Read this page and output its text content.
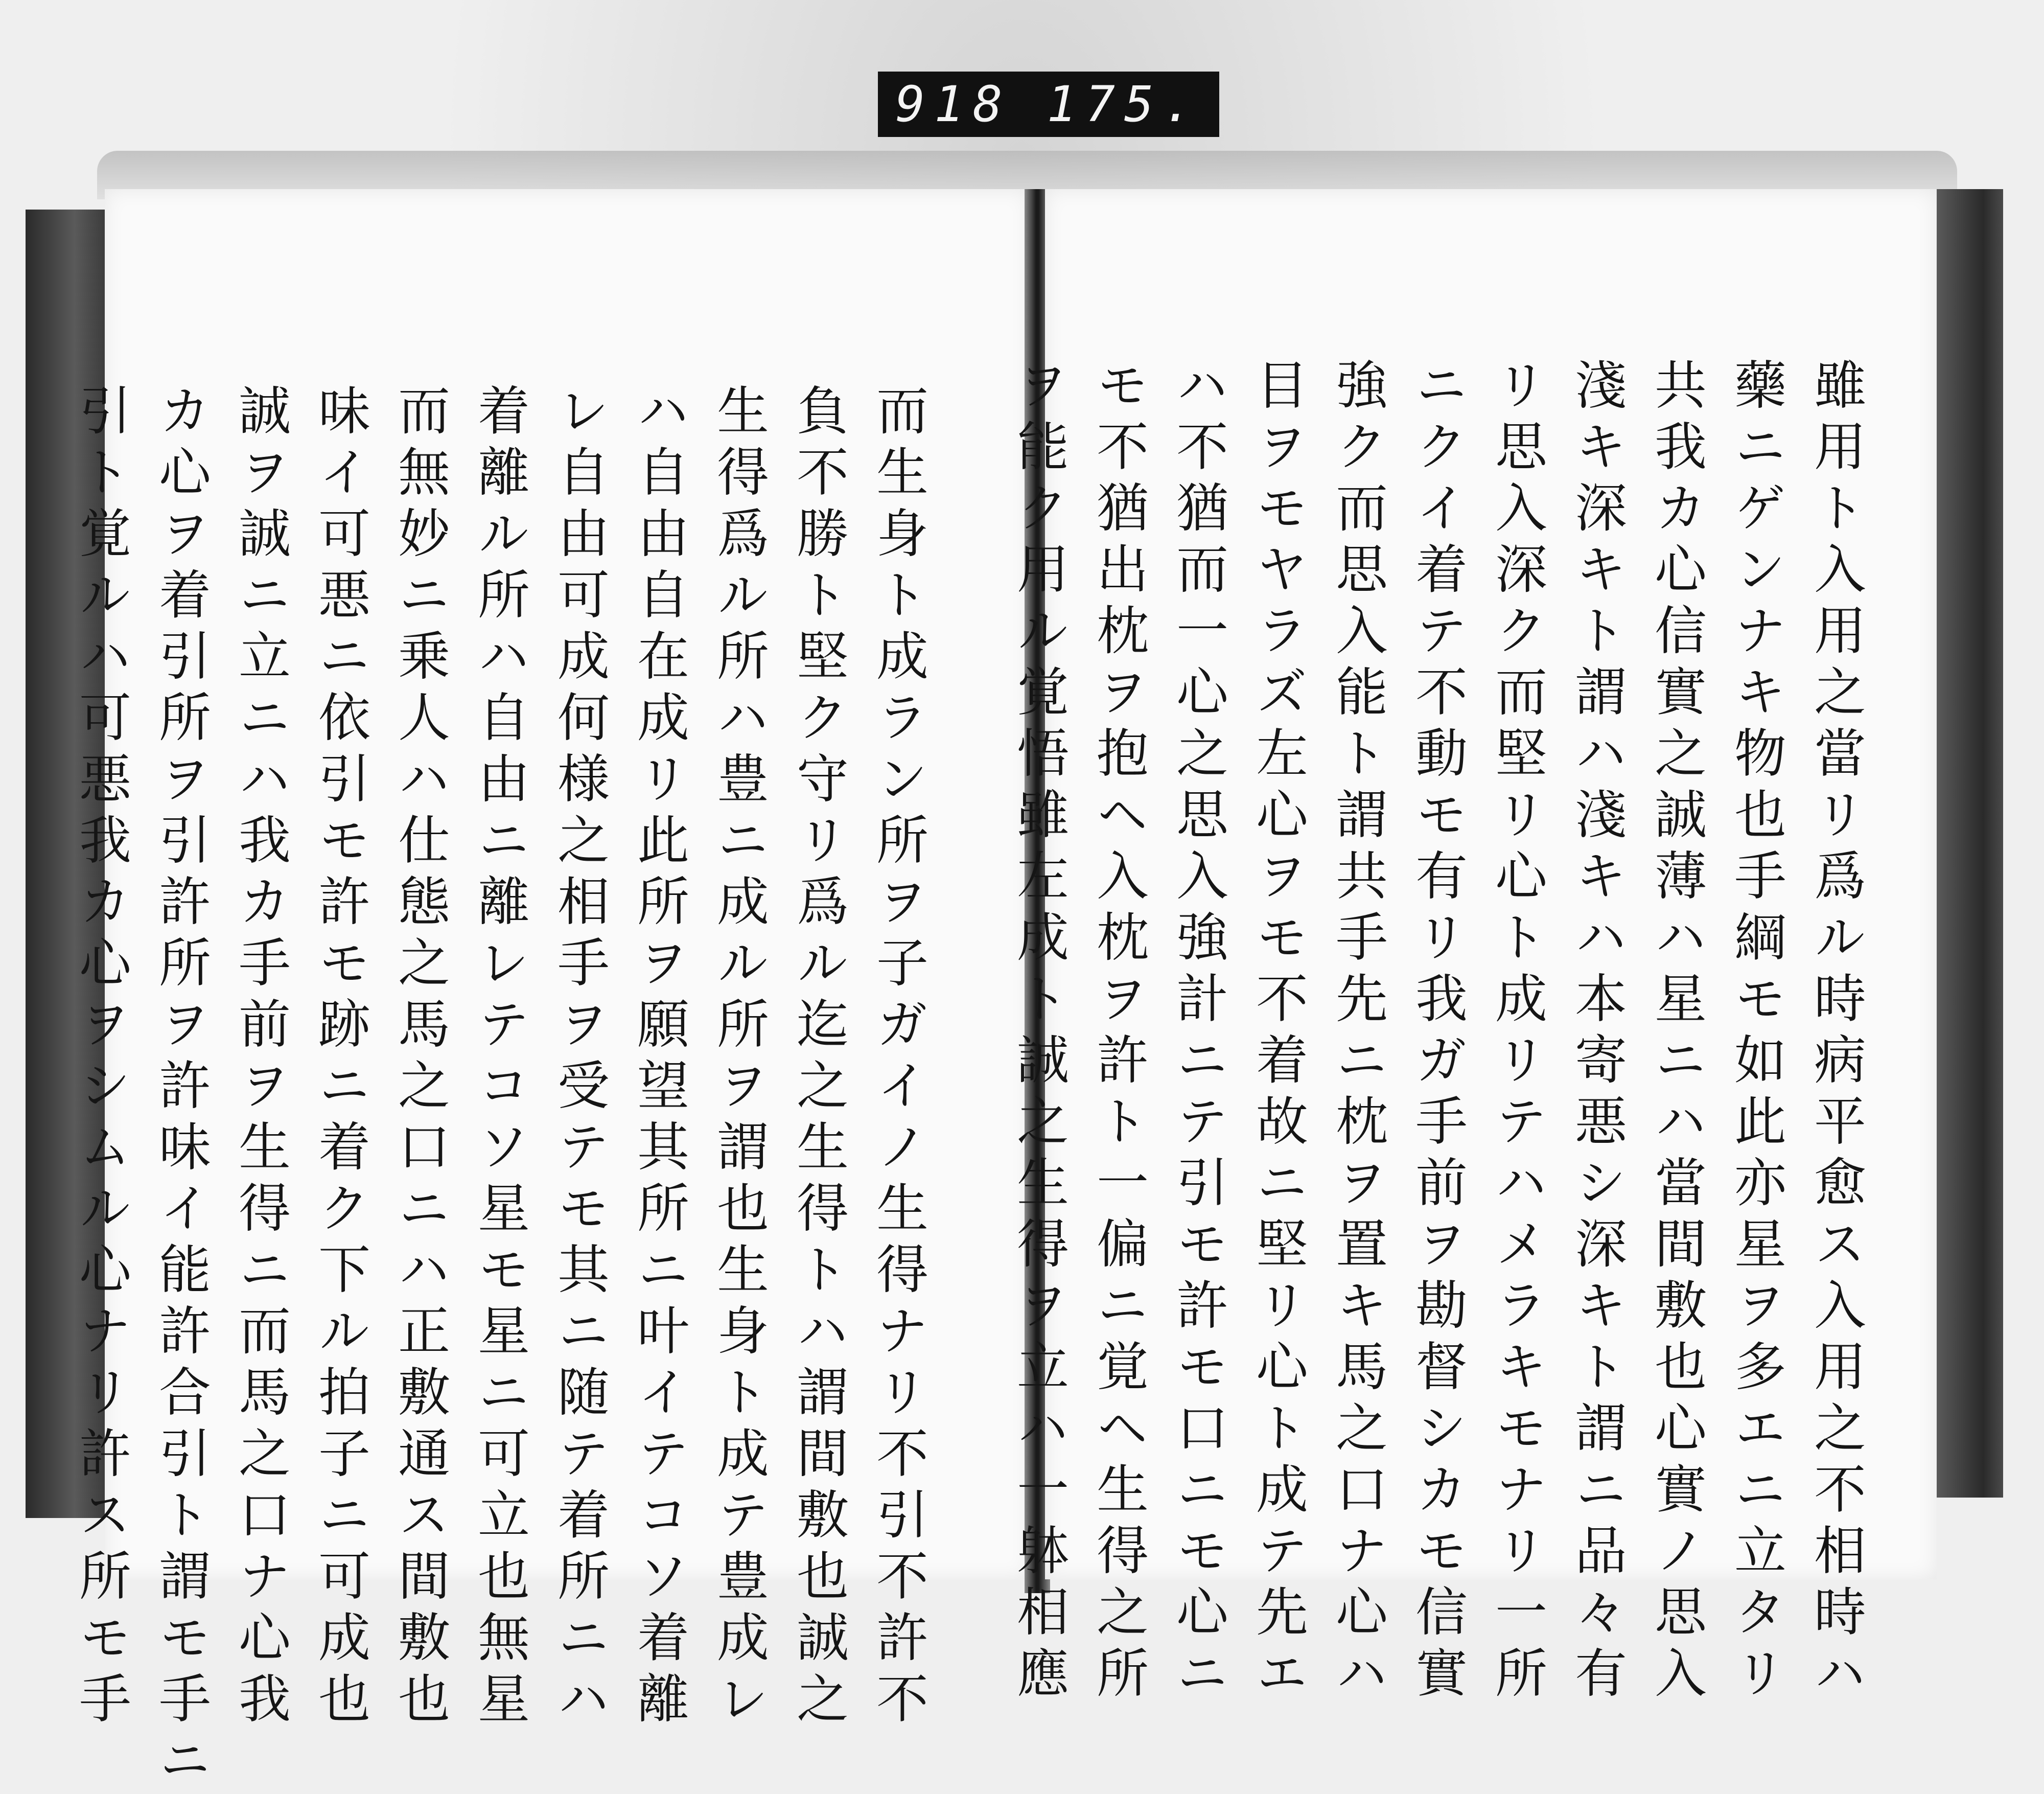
918 175.
而生身ト成ラン所ヲ子ガイノ生得ナリ不引不許不
負不勝ト堅ク守リ爲ル迄之生得トハ謂間敷也誠之
生得爲ル所ハ豊ニ成ル所ヲ謂也生身ト成テ豊成レ
ハ自由自在成リ此所ヲ願望其所ニ叶イテコソ着離
レ自由可成何様之相手ヲ受テモ其ニ随テ着所ニハ
着離ル所ハ自由ニ離レテコソ星モ星ニ可立也無星
而無妙ニ乗人ハ仕態之馬之口ニハ正敷通ス間敷也
味イ可悪ニ依引モ許モ跡ニ着ク下ル拍子ニ可成也
誠ヲ誠ニ立ニハ我カ手前ヲ生得ニ而馬之口ナ心我
カ心ヲ着引所ヲ引許所ヲ許味イ能許合引ト謂モ手ニ
引ト覚ルハ可悪我カ心ヲシムル心ナリ許ス所モ手	雖用ト入用之當リ爲ル時病平愈ス入用之不相時ハ
藥ニゲンナキ物也手綱モ如此亦星ヲ多エニ立タリ
共我カ心信實之誠薄ハ星ニハ當間敷也心實ノ思入
淺キ深キト謂ハ淺キハ本寄悪シ深キト謂ニ品々有
リ思入深ク而堅リ心ト成リテハメラキモナリ一所
ニクイ着テ不動モ有リ我ガ手前ヲ勘督シカモ信實
強ク而思入能ト謂共手先ニ枕ヲ置キ馬之口ナ心ハ
目ヲモヤラズ左心ヲモ不着故ニ堅リ心ト成テ先エ
ハ不猶而一心之思入強計ニテ引モ許モ口ニモ心ニ
モ不猶出枕ヲ抱ヘ入枕ヲ許ト一偏ニ覚ヘ生得之所
ヲ能ク用ル覚悟雖左成ト誠之生得ヲ立ハ一躰相應
